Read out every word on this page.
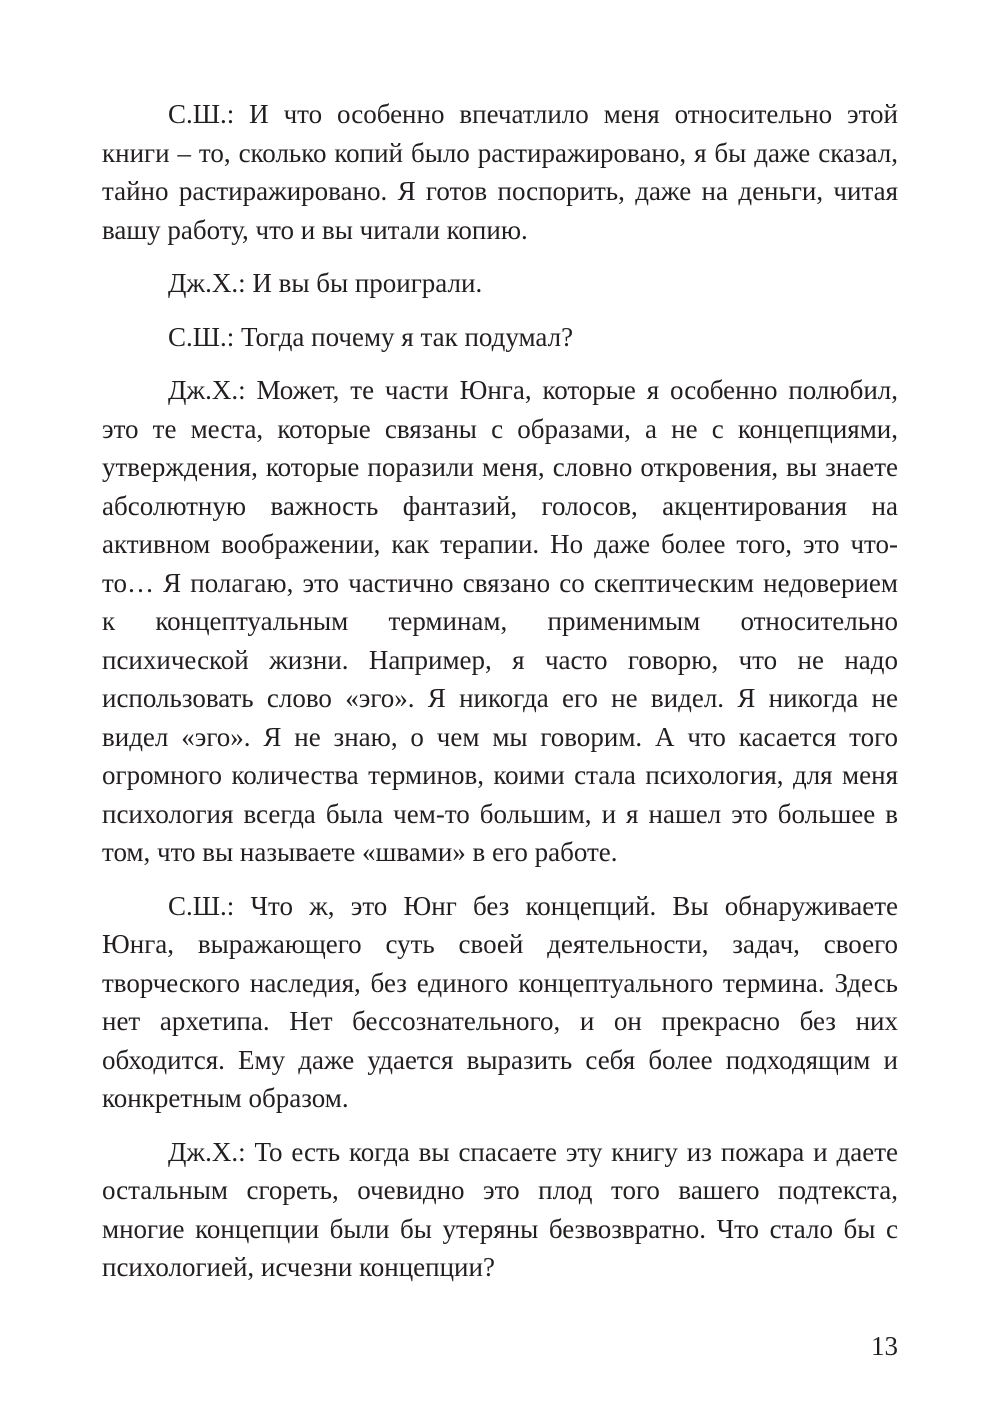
С.Ш.: И что особенно впечатлило меня относительно этой книги – то, сколько копий было растиражировано, я бы даже сказал, тайно растиражировано. Я готов поспорить, даже на деньги, читая вашу работу, что и вы читали копию.

Дж.Х.: И вы бы проиграли.

С.Ш.: Тогда почему я так подумал?

Дж.Х.: Может, те части Юнга, которые я особенно полюбил, это те места, которые связаны с образами, а не с концепциями, утверждения, которые поразили меня, словно откровения, вы знаете абсолютную важность фантазий, голосов, акцентирования на активном воображении, как терапии. Но даже более того, это что-то… Я полагаю, это частично связано со скептическим недоверием к концептуальным терминам, применимым относительно психической жизни. Например, я часто говорю, что не надо использовать слово «эго». Я никогда его не видел. Я никогда не видел «эго». Я не знаю, о чем мы говорим. А что касается того огромного количества терминов, коими стала психология, для меня психология всегда была чем-то большим, и я нашел это большее в том, что вы называете «швами» в его работе.

С.Ш.: Что ж, это Юнг без концепций. Вы обнаруживаете Юнга, выражающего суть своей деятельности, задач, своего творческого наследия, без единого концептуального термина. Здесь нет архетипа. Нет бессознательного, и он прекрасно без них обходится. Ему даже удается выразить себя более подходящим и конкретным образом.

Дж.Х.: То есть когда вы спасаете эту книгу из пожара и даете остальным сгореть, очевидно это плод того вашего подтекста, многие концепции были бы утеряны безвозвратно. Что стало бы с психологией, исчезни концепции?

13
